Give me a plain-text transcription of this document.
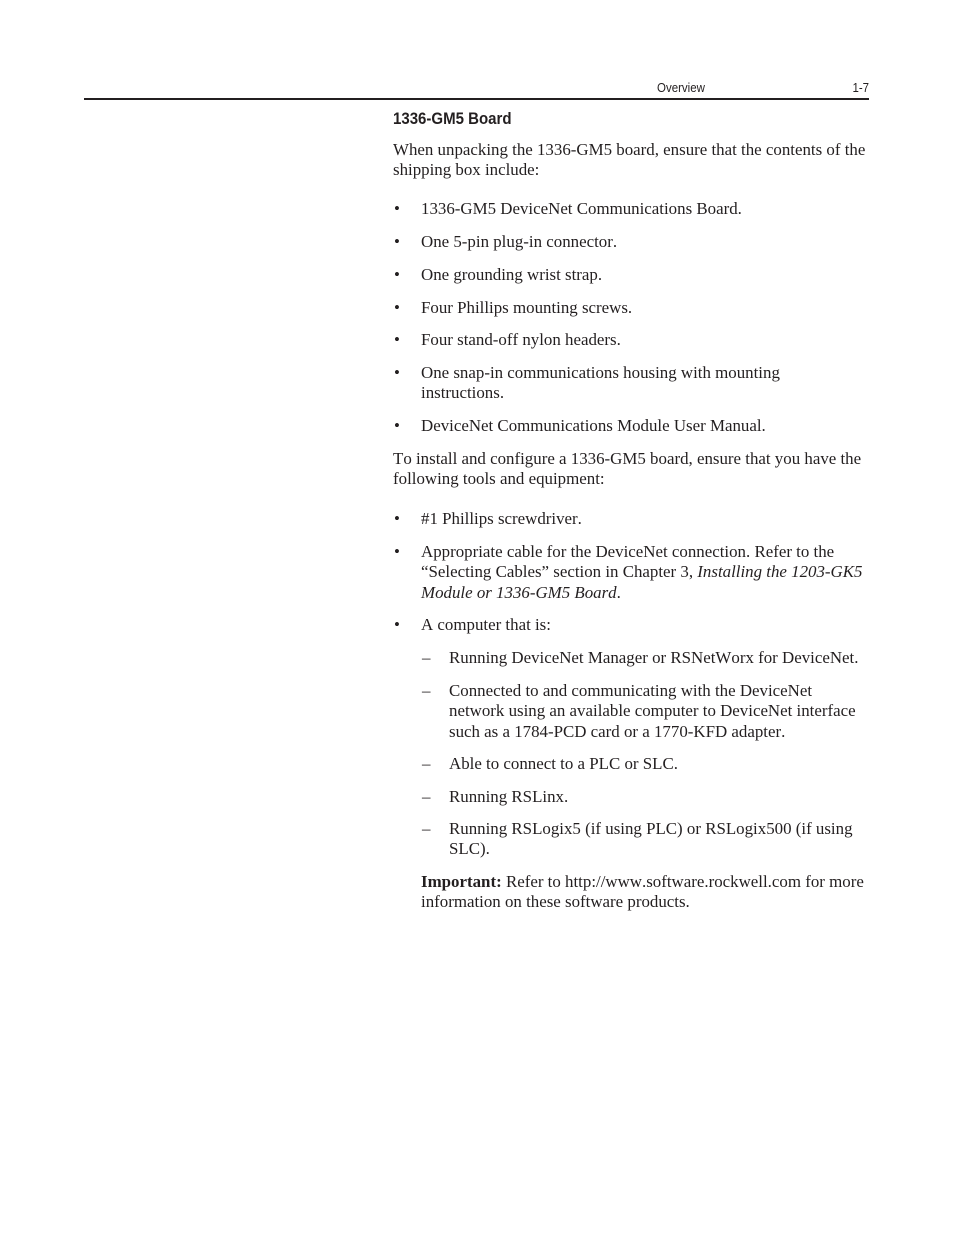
Overview	1-7
1336-GM5 Board

When unpacking the 1336-GM5 board, ensure that the contents of the
shipping box include:

• 1336-GM5 DeviceNet Communications Board.
• One 5-pin plug-in connector.
• One grounding wrist strap.
• Four Phillips mounting screws.
• Four stand-off nylon headers.
• One snap-in communications housing with mounting
instructions.
• DeviceNet Communications Module User Manual.

To install and configure a 1336-GM5 board, ensure that you have the
following tools and equipment:

• #1 Phillips screwdriver.
• Appropriate cable for the DeviceNet connection. Refer to the
“Selecting Cables” section in Chapter 3, Installing the 1203-GK5
Module or 1336-GM5 Board.
• A computer that is:
– Running DeviceNet Manager or RSNetWorx for DeviceNet.
– Connected to and communicating with the DeviceNet
network using an available computer to DeviceNet interface
such as a 1784-PCD card or a 1770-KFD adapter.
– Able to connect to a PLC or SLC.
– Running RSLinx.
– Running RSLogix5 (if using PLC) or RSLogix500 (if using
SLC).

Important: Refer to http://www.software.rockwell.com for more
information on these software products.
